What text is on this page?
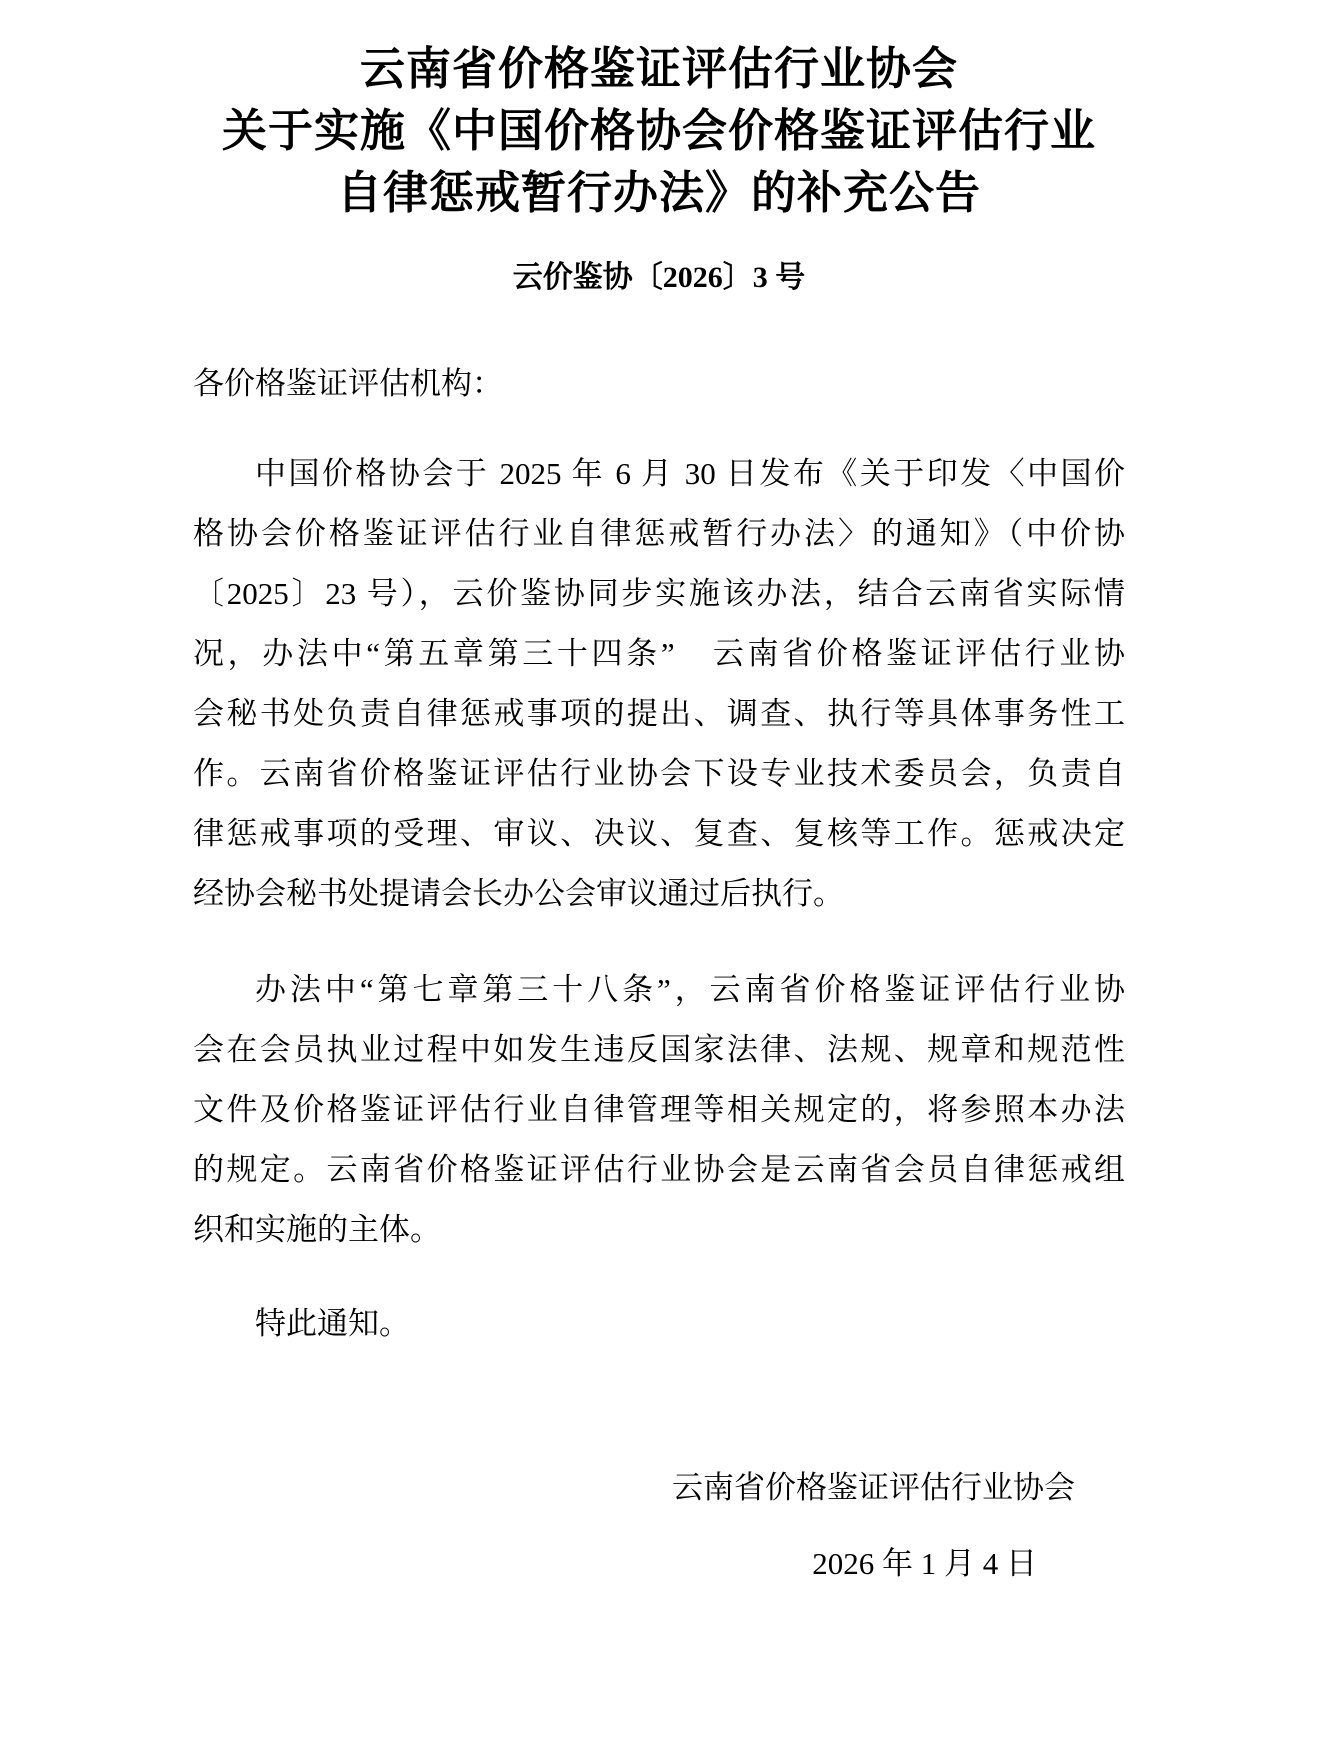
云南省价格鉴证评估行业协会
关于实施《中国价格协会价格鉴证评估行业
自律惩戒暂行办法》的补充公告
云价鉴协〔2026〕3 号

各价格鉴证评估机构：

中国价格协会于 2025 年 6 月 30 日发布《关于印发〈中国价
格协会价格鉴证评估行业自律惩戒暂行办法〉的通知》（中价协
〔2025〕23 号），云价鉴协同步实施该办法，结合云南省实际情
况，办法中“第五章第三十四条”　云南省价格鉴证评估行业协
会秘书处负责自律惩戒事项的提出、调查、执行等具体事务性工
作。云南省价格鉴证评估行业协会下设专业技术委员会，负责自
律惩戒事项的受理、审议、决议、复查、复核等工作。惩戒决定
经协会秘书处提请会长办公会审议通过后执行。
办法中“第七章第三十八条”，云南省价格鉴证评估行业协
会在会员执业过程中如发生违反国家法律、法规、规章和规范性
文件及价格鉴证评估行业自律管理等相关规定的，将参照本办法
的规定。云南省价格鉴证评估行业协会是云南省会员自律惩戒组
织和实施的主体。
特此通知。
云南省价格鉴证评估行业协会
2026 年 1 月 4 日
